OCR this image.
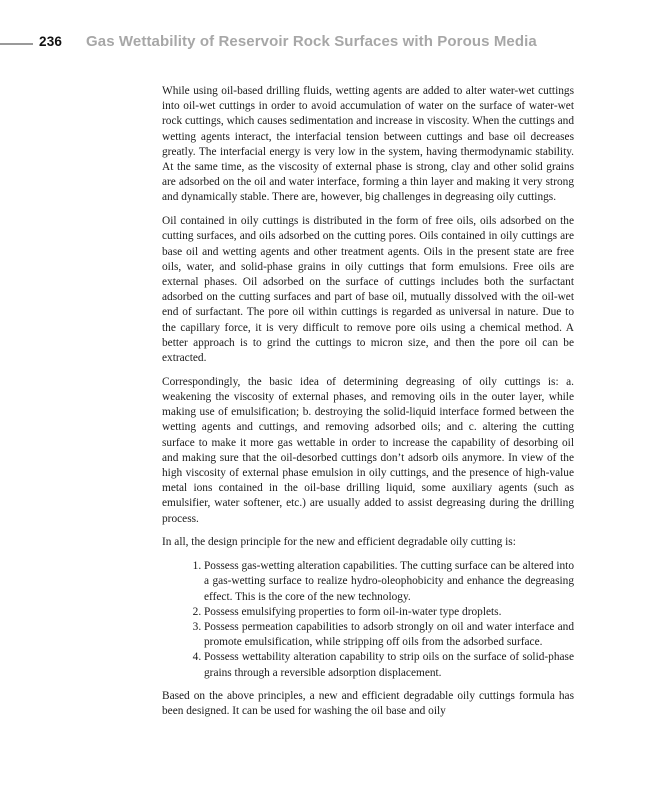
236 Gas Wettability of Reservoir Rock Surfaces with Porous Media

While using oil-based drilling fluids, wetting agents are added to alter water-wet cuttings into oil-wet cuttings in order to avoid accumulation of water on the surface of water-wet rock cuttings, which causes sedimentation and increase in viscosity. When the cuttings and wetting agents interact, the interfacial tension between cuttings and base oil decreases greatly. The interfacial energy is very low in the system, having thermodynamic stability. At the same time, as the viscosity of external phase is strong, clay and other solid grains are adsorbed on the oil and water interface, forming a thin layer and making it very strong and dynamically stable. There are, however, big challenges in degreasing oily cuttings.

Oil contained in oily cuttings is distributed in the form of free oils, oils adsorbed on the cutting surfaces, and oils adsorbed on the cutting pores. Oils contained in oily cuttings are base oil and wetting agents and other treatment agents. Oils in the present state are free oils, water, and solid-phase grains in oily cuttings that form emulsions. Free oils are external phases. Oil adsorbed on the surface of cuttings includes both the surfactant adsorbed on the cutting surfaces and part of base oil, mutually dissolved with the oil-wet end of surfactant. The pore oil within cuttings is regarded as universal in nature. Due to the capillary force, it is very difficult to remove pore oils using a chemical method. A better approach is to grind the cuttings to micron size, and then the pore oil can be extracted.

Correspondingly, the basic idea of determining degreasing of oily cuttings is: a. weakening the viscosity of external phases, and removing oils in the outer layer, while making use of emulsification; b. destroying the solid-liquid interface formed between the wetting agents and cuttings, and removing adsorbed oils; and c. altering the cutting surface to make it more gas wettable in order to increase the capability of desorbing oil and making sure that the oil-desorbed cuttings don’t adsorb oils anymore. In view of the high viscosity of external phase emulsion in oily cuttings, and the presence of high-value metal ions contained in the oil-base drilling liquid, some auxiliary agents (such as emulsifier, water softener, etc.) are usually added to assist degreasing during the drilling process.

In all, the design principle for the new and efficient degradable oily cutting is:

1. Possess gas-wetting alteration capabilities. The cutting surface can be altered into a gas-wetting surface to realize hydro-oleophobicity and enhance the degreasing effect. This is the core of the new technology.
2. Possess emulsifying properties to form oil-in-water type droplets.
3. Possess permeation capabilities to adsorb strongly on oil and water interface and promote emulsification, while stripping off oils from the adsorbed surface.
4. Possess wettability alteration capability to strip oils on the surface of solid-phase grains through a reversible adsorption displacement.

Based on the above principles, a new and efficient degradable oily cuttings formula has been designed. It can be used for washing the oil base and oily
